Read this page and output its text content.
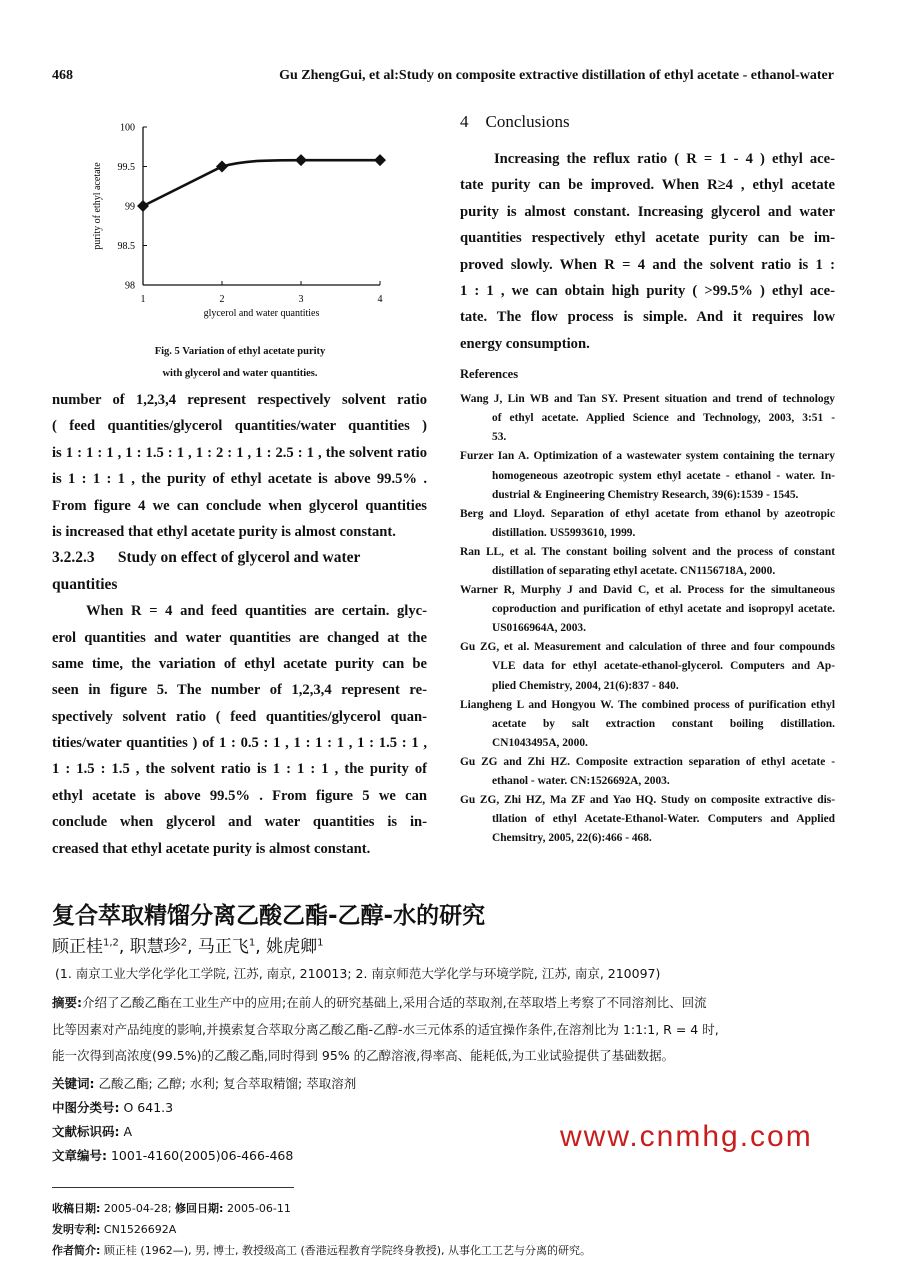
468	Gu ZhengGui, et al:Study on composite extractive distillation of ethyl acetate - ethanol-water
98
98.5
99
99.5
100
1	2	3	4
glycerol and water quantities
purity of ethyl acetate
Fig. 5 Variation of ethyl acetate purity
with glycerol and water quantities.
number of 1,2,3,4 represent respectively solvent ratio
( feed quantities/glycerol quantities/water quantities )
is 1 : 1 : 1 , 1 : 1.5 : 1 , 1 : 2 : 1 , 1 : 2.5 : 1 , the solvent ratio
is 1 : 1 : 1 , the purity of ethyl acetate is above 99.5% .
From figure 4 we can conclude when glycerol quantities
is increased that ethyl acetate purity is almost constant.
3.2.2.3 Study on effect of glycerol and water
quantities
When R = 4 and feed quantities are certain. glyc-
erol quantities and water quantities are changed at the
same time, the variation of ethyl acetate purity can be
seen in figure 5. The number of 1,2,3,4 represent re-
spectively solvent ratio ( feed quantities/glycerol quan-
tities/water quantities ) of 1 : 0.5 : 1 , 1 : 1 : 1 , 1 : 1.5 : 1 ,
1 : 1.5 : 1.5 , the solvent ratio is 1 : 1 : 1 , the purity of
ethyl acetate is above 99.5% . From figure 5 we can
conclude when glycerol and water quantities is in-
creased that ethyl acetate purity is almost constant.
4 Conclusions
Increasing the reflux ratio ( R = 1 - 4 ) ethyl ace-
tate purity can be improved. When R≥4 , ethyl acetate
purity is almost constant. Increasing glycerol and water
quantities respectively ethyl acetate purity can be im-
proved slowly. When R = 4 and the solvent ratio is 1 :
1 : 1 , we can obtain high purity ( >99.5% ) ethyl ace-
tate. The flow process is simple. And it requires low
energy consumption.
References
Wang J, Lin WB and Tan SY. Present situation and trend of technology
of ethyl acetate. Applied Science and Technology, 2003, 3:51 -
53.
Furzer Ian A. Optimization of a wastewater system containing the ternary
homogeneous azeotropic system ethyl acetate - ethanol - water. In-
dustrial & Engineering Chemistry Research, 39(6):1539 - 1545.
Berg and Lloyd. Separation of ethyl acetate from ethanol by azeotropic
distillation. US5993610, 1999.
Ran LL, et al. The constant boiling solvent and the process of constant
distillation of separating ethyl acetate. CN1156718A, 2000.
Warner R, Murphy J and David C, et al. Process for the simultaneous
coproduction and purification of ethyl acetate and isopropyl acetate.
US0166964A, 2003.
Gu ZG, et al. Measurement and calculation of three and four compounds
VLE data for ethyl acetate-ethanol-glycerol. Computers and Ap-
plied Chemistry, 2004, 21(6):837 - 840.
Liangheng L and Hongyou W. The combined process of purification ethyl
acetate by salt extraction constant boiling distillation.
CN1043495A, 2000.
Gu ZG and Zhi HZ. Composite extraction separation of ethyl acetate -
ethanol - water. CN:1526692A, 2003.
Gu ZG, Zhi HZ, Ma ZF and Yao HQ. Study on composite extractive dis-
tllation of ethyl Acetate-Ethanol-Water. Computers and Applied
Chemsitry, 2005, 22(6):466 - 468.
复合萃取精馏分离乙酸乙酯-乙醇-水的研究
顾正桂$^{1,2}$, 职慧珍$^2$, 马正飞$^1$, 姚虎卿$^1$
(1. 南京工业大学化学化工学院, 江苏, 南京, 210013; 2. 南京师范大学化学与环境学院, 江苏, 南京, 210097)
摘要:介绍了乙酸乙酯在工业生产中的应用;在前人的研究基础上,采用合适的萃取剂,在萃取塔上考察了不同溶剂比、回流
比等因素对产品纯度的影响,并摸索复合萃取分离乙酸乙酯-乙醇-水三元体系的适宜操作条件,在溶剂比为 1:1:1, R = 4 时,
能一次得到高浓度(99.5%)的乙酸乙酯,同时得到 95% 的乙醇溶液,得率高、能耗低,为工业试验提供了基础数据。
关键词: 乙酸乙酯; 乙醇; 水利; 复合萃取精馏; 萃取溶剂
中图分类号: O 641.3
文献标识码: A
文章编号: 1001-4160(2005)06-466-468
收稿日期: 2005-04-28; 修回日期: 2005-06-11
发明专利: CN1526692A
作者简介: 顾正桂 (1962—), 男, 博士, 教授级高工 (香港远程教育学院终身教授), 从事化工工艺与分离的研究。
www.cnmhg.com
